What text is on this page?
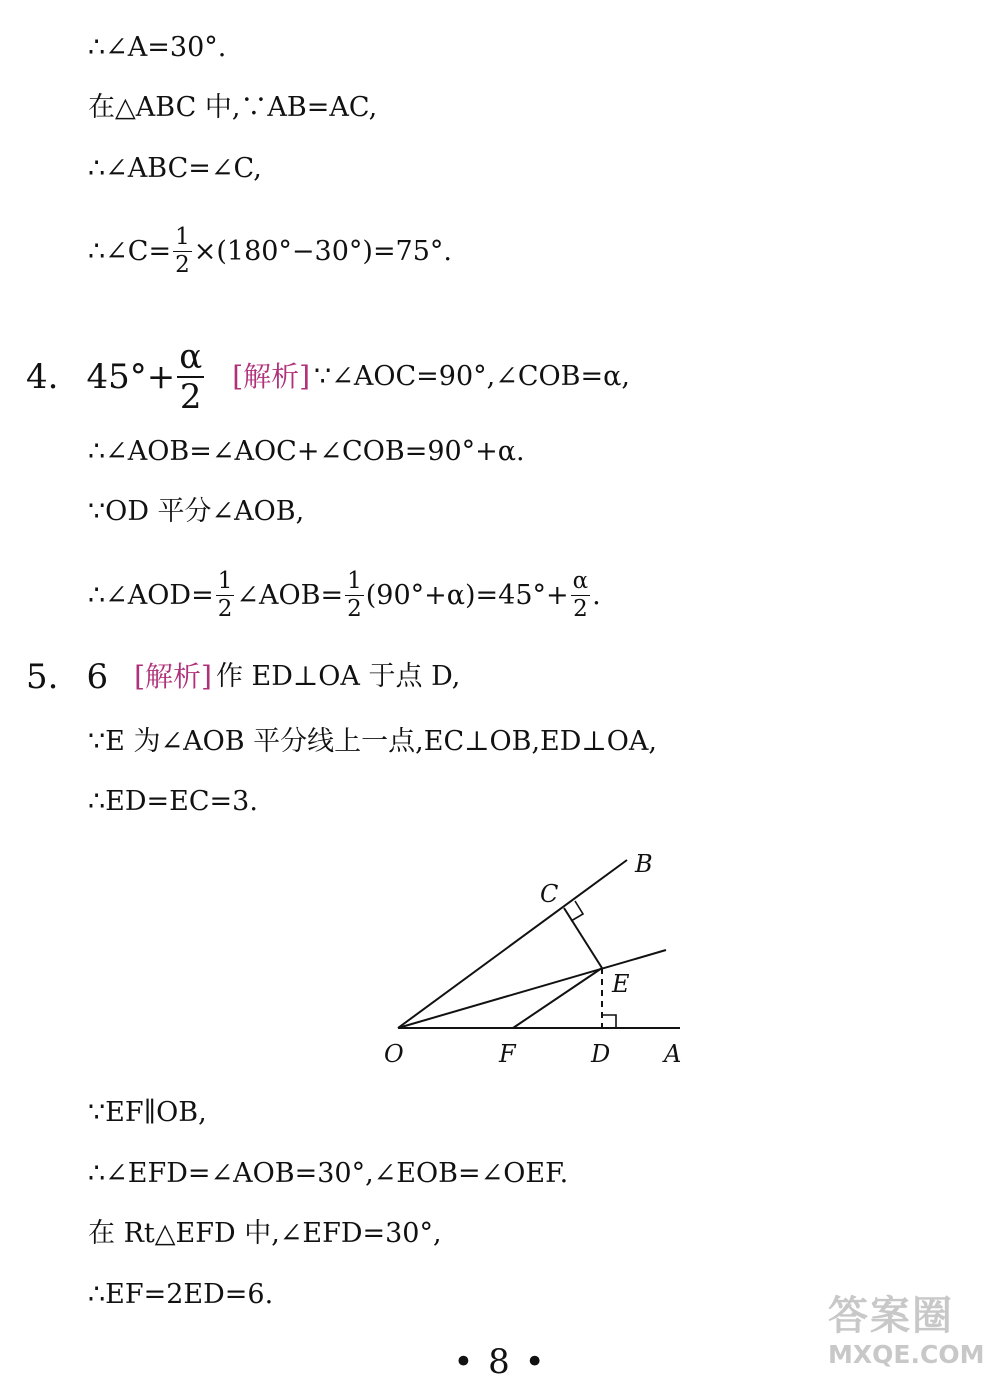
∴∠A=30°.
在△ABC 中,∵AB=AC,
∴∠ABC=∠C,
∴∠C= $\frac{1}{2} \times(180^\circ-30^\circ)=75^\circ$.
4. $45^\circ+ \frac{\alpha}{2}$ [解析] ∵∠AOC=90°,∠COB=α,
∴∠AOB=∠AOC+∠COB=90°+α.
∵OD 平分∠AOB,
∴∠AOD= $\frac{1}{2}$ ∠AOB= $\frac{1}{2} (90^\circ+\alpha)=45^\circ+ \frac{\alpha}{2}$ .
5. 6 [解析] 作 ED⊥OA 于点 D,
∵E 为∠AOB 平分线上一点,EC⊥OB,ED⊥OA,
∴ED=EC=3.
B
C
E
O	F	D A
∵EF∥OB,
∴∠EFD=∠AOB=30°,∠EOB=∠OEF.
在 Rt△EFD 中,∠EFD=30°,
∴EF=2ED=6.
• 8 •
答案圈
MXQE.COM
